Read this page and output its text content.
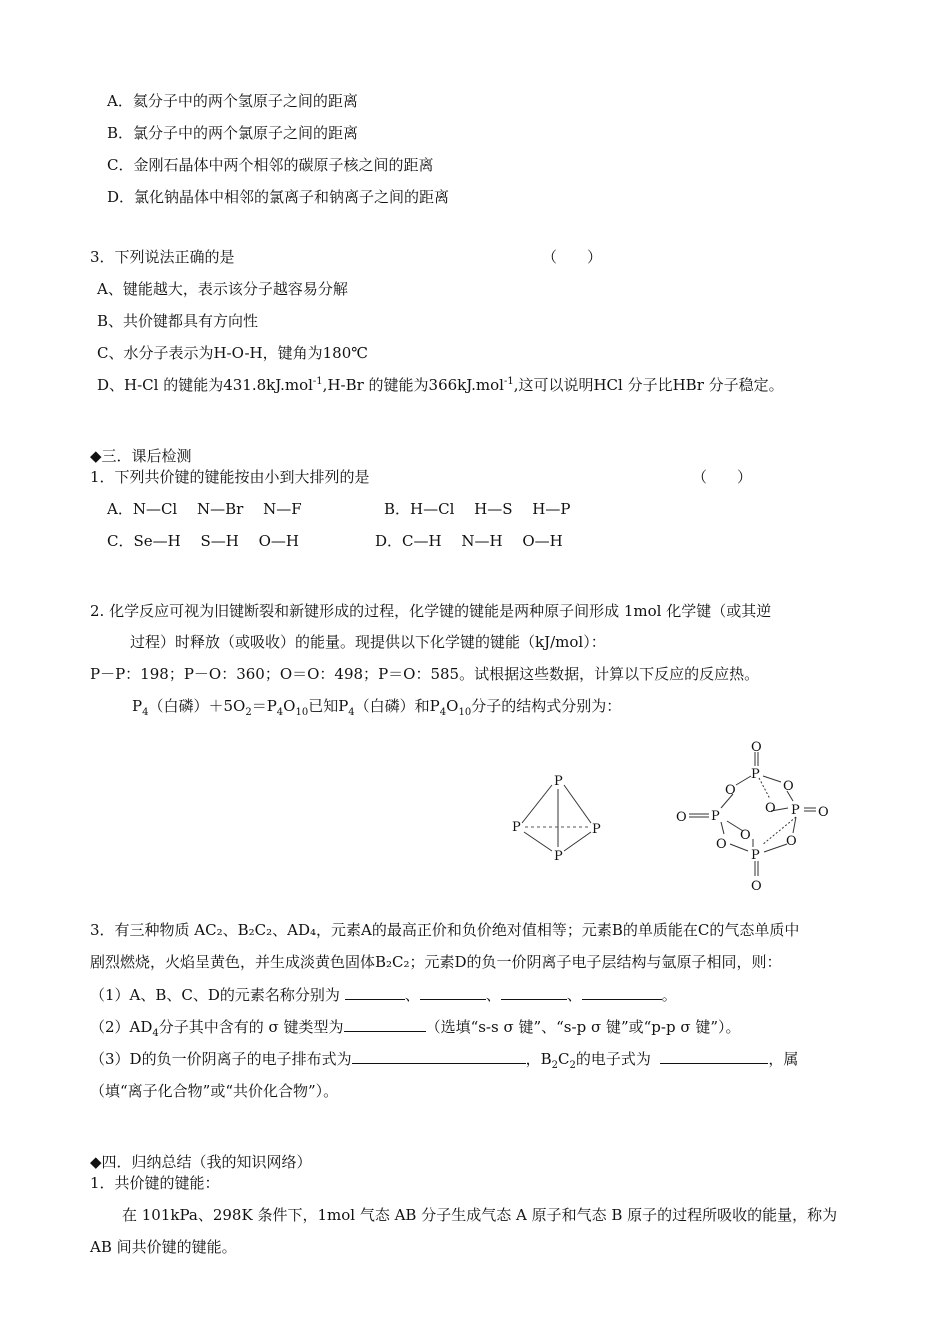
A．氦分子中的两个氢原子之间的距离
B．氯分子中的两个氯原子之间的距离
C．金刚石晶体中两个相邻的碳原子核之间的距离
D．氯化钠晶体中相邻的氯离子和钠离子之间的距离
3．下列说法正确的是	（　　）
A、键能越大，表示该分子越容易分解
B、共价键都具有方向性
C、水分子表示为H-O-H，键角为180℃
D、H-Cl 的键能为431.8kJ.mol$^{-1}$,H-Br 的键能为366kJ.mol$^{-1}$,这可以说明HCl 分子比HBr 分子稳定。
◆三．课后检测
1．下列共价键的键能按由小到大排列的是	（　　）
A．N—Cl　 N—Br　 N—F	B．H—Cl　 H—S　 H—P
C．Se—H　 S—H　 O—H	D．C—H　 N—H　 O—H
2. 化学反应可视为旧键断裂和新键形成的过程，化学键的键能是两种原子间形成 1mol 化学键（或其逆
过程）时释放（或吸收）的能量。现提供以下化学键的键能（kJ/mol）：
P－P：198；P－O：360；O＝O：498；P＝O：585。试根据这些数据，计算以下反应的反应热。
$P_4$（白磷）$+5O_2=P_4O_{10}$已知$P_4$（白磷）和$P_4O_{10}$分子的结构式分别为：
P
P	P
P
O
P
O	O
O
O P	P O
O
O	O
P
O
3．有三种物质 AC₂、B₂C₂、AD₄，元素A的最高正价和负价绝对值相等；元素B的单质能在C的气态单质中
剧烈燃烧，火焰呈黄色，并生成淡黄色固体B₂C₂；元素D的负一价阴离子电子层结构与氩原子相同，则：
（1）A、B、C、D的元素名称分别为	、	、	、	。
$(2)AD_4$分子其中含有的 σ 键类型为	（选填“s-s σ 键”、“s-p σ 键”或“p-p σ 键”）。
（3）D的负一价阴离子的电子排布式为	，$B_2C_2$的电子式为	，属
（填“离子化合物”或“共价化合物”）。
◆四．归纳总结（我的知识网络）
1．共价键的键能：
在 101kPa、298K 条件下，1mol 气态 AB 分子生成气态 A 原子和气态 B 原子的过程所吸收的能量，称为
AB 间共价键的键能。
